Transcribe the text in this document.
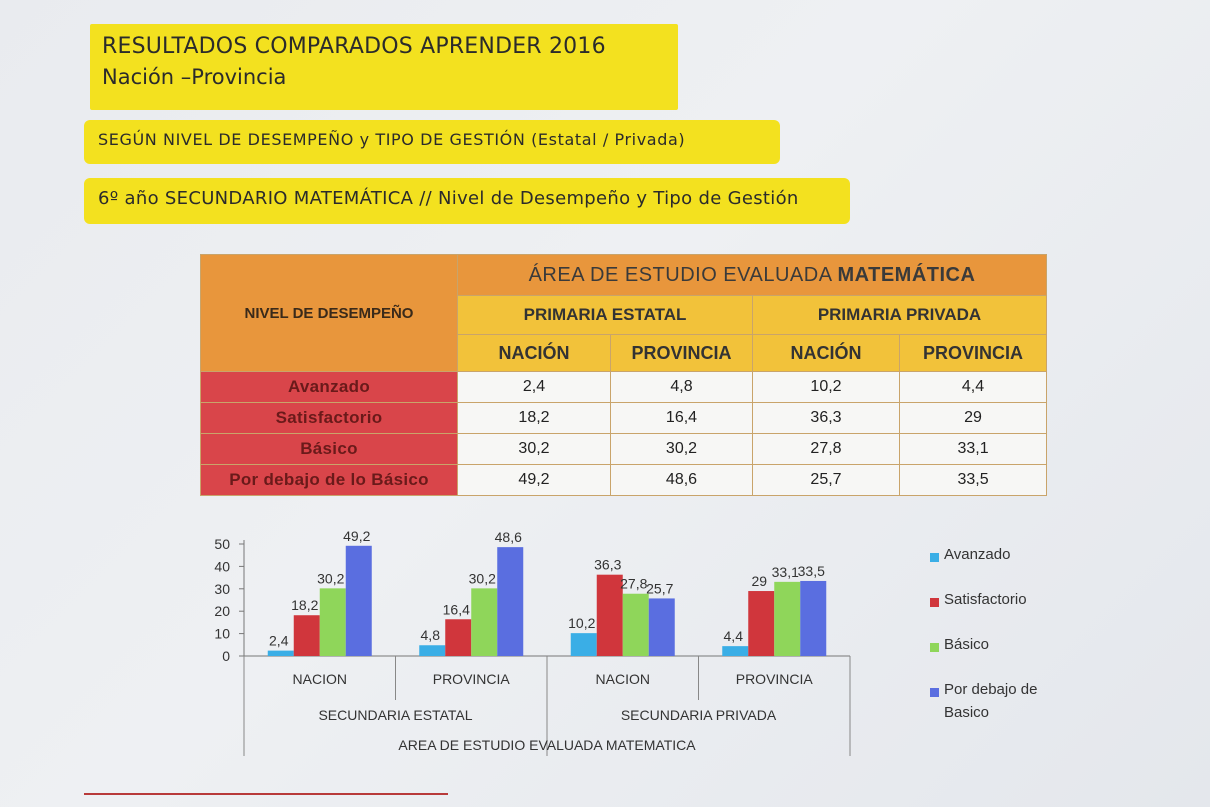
RESULTADOS COMPARADOS APRENDER 2016
Nación –Provincia
SEGÚN NIVEL DE DESEMPEÑO y TIPO DE GESTIÓN (Estatal / Privada)
6º año SECUNDARIO MATEMÁTICA // Nivel de Desempeño y Tipo de Gestión
NIVEL DE DESEMPEÑO	ÁREA DE ESTUDIO EVALUADA MATEMÁTICA			
	PRIMARIA ESTATAL		PRIMARIA PRIVADA	
	NACIÓN	PROVINCIA	NACIÓN	PROVINCIA
Avanzado	2,4	4,8	10,2	4,4
Satisfactorio	18,2	16,4	36,3	29
Básico	30,2	30,2	27,8	33,1
Por debajo de lo Básico	49,2	48,6	25,7	33,5
0
10
20
30
40
50
2,4
18,2
30,2
49,2
NACION
4,8
16,4
30,2
48,6
PROVINCIA
10,2
36,3
27,8
25,7
NACION
4,4
29
33,1
33,5
PROVINCIA
SECUNDARIA ESTATAL	SECUNDARIA PRIVADA
AREA DE ESTUDIO EVALUADA MATEMATICA
Avanzado
Satisfactorio
Básico
Por debajo de Basico
